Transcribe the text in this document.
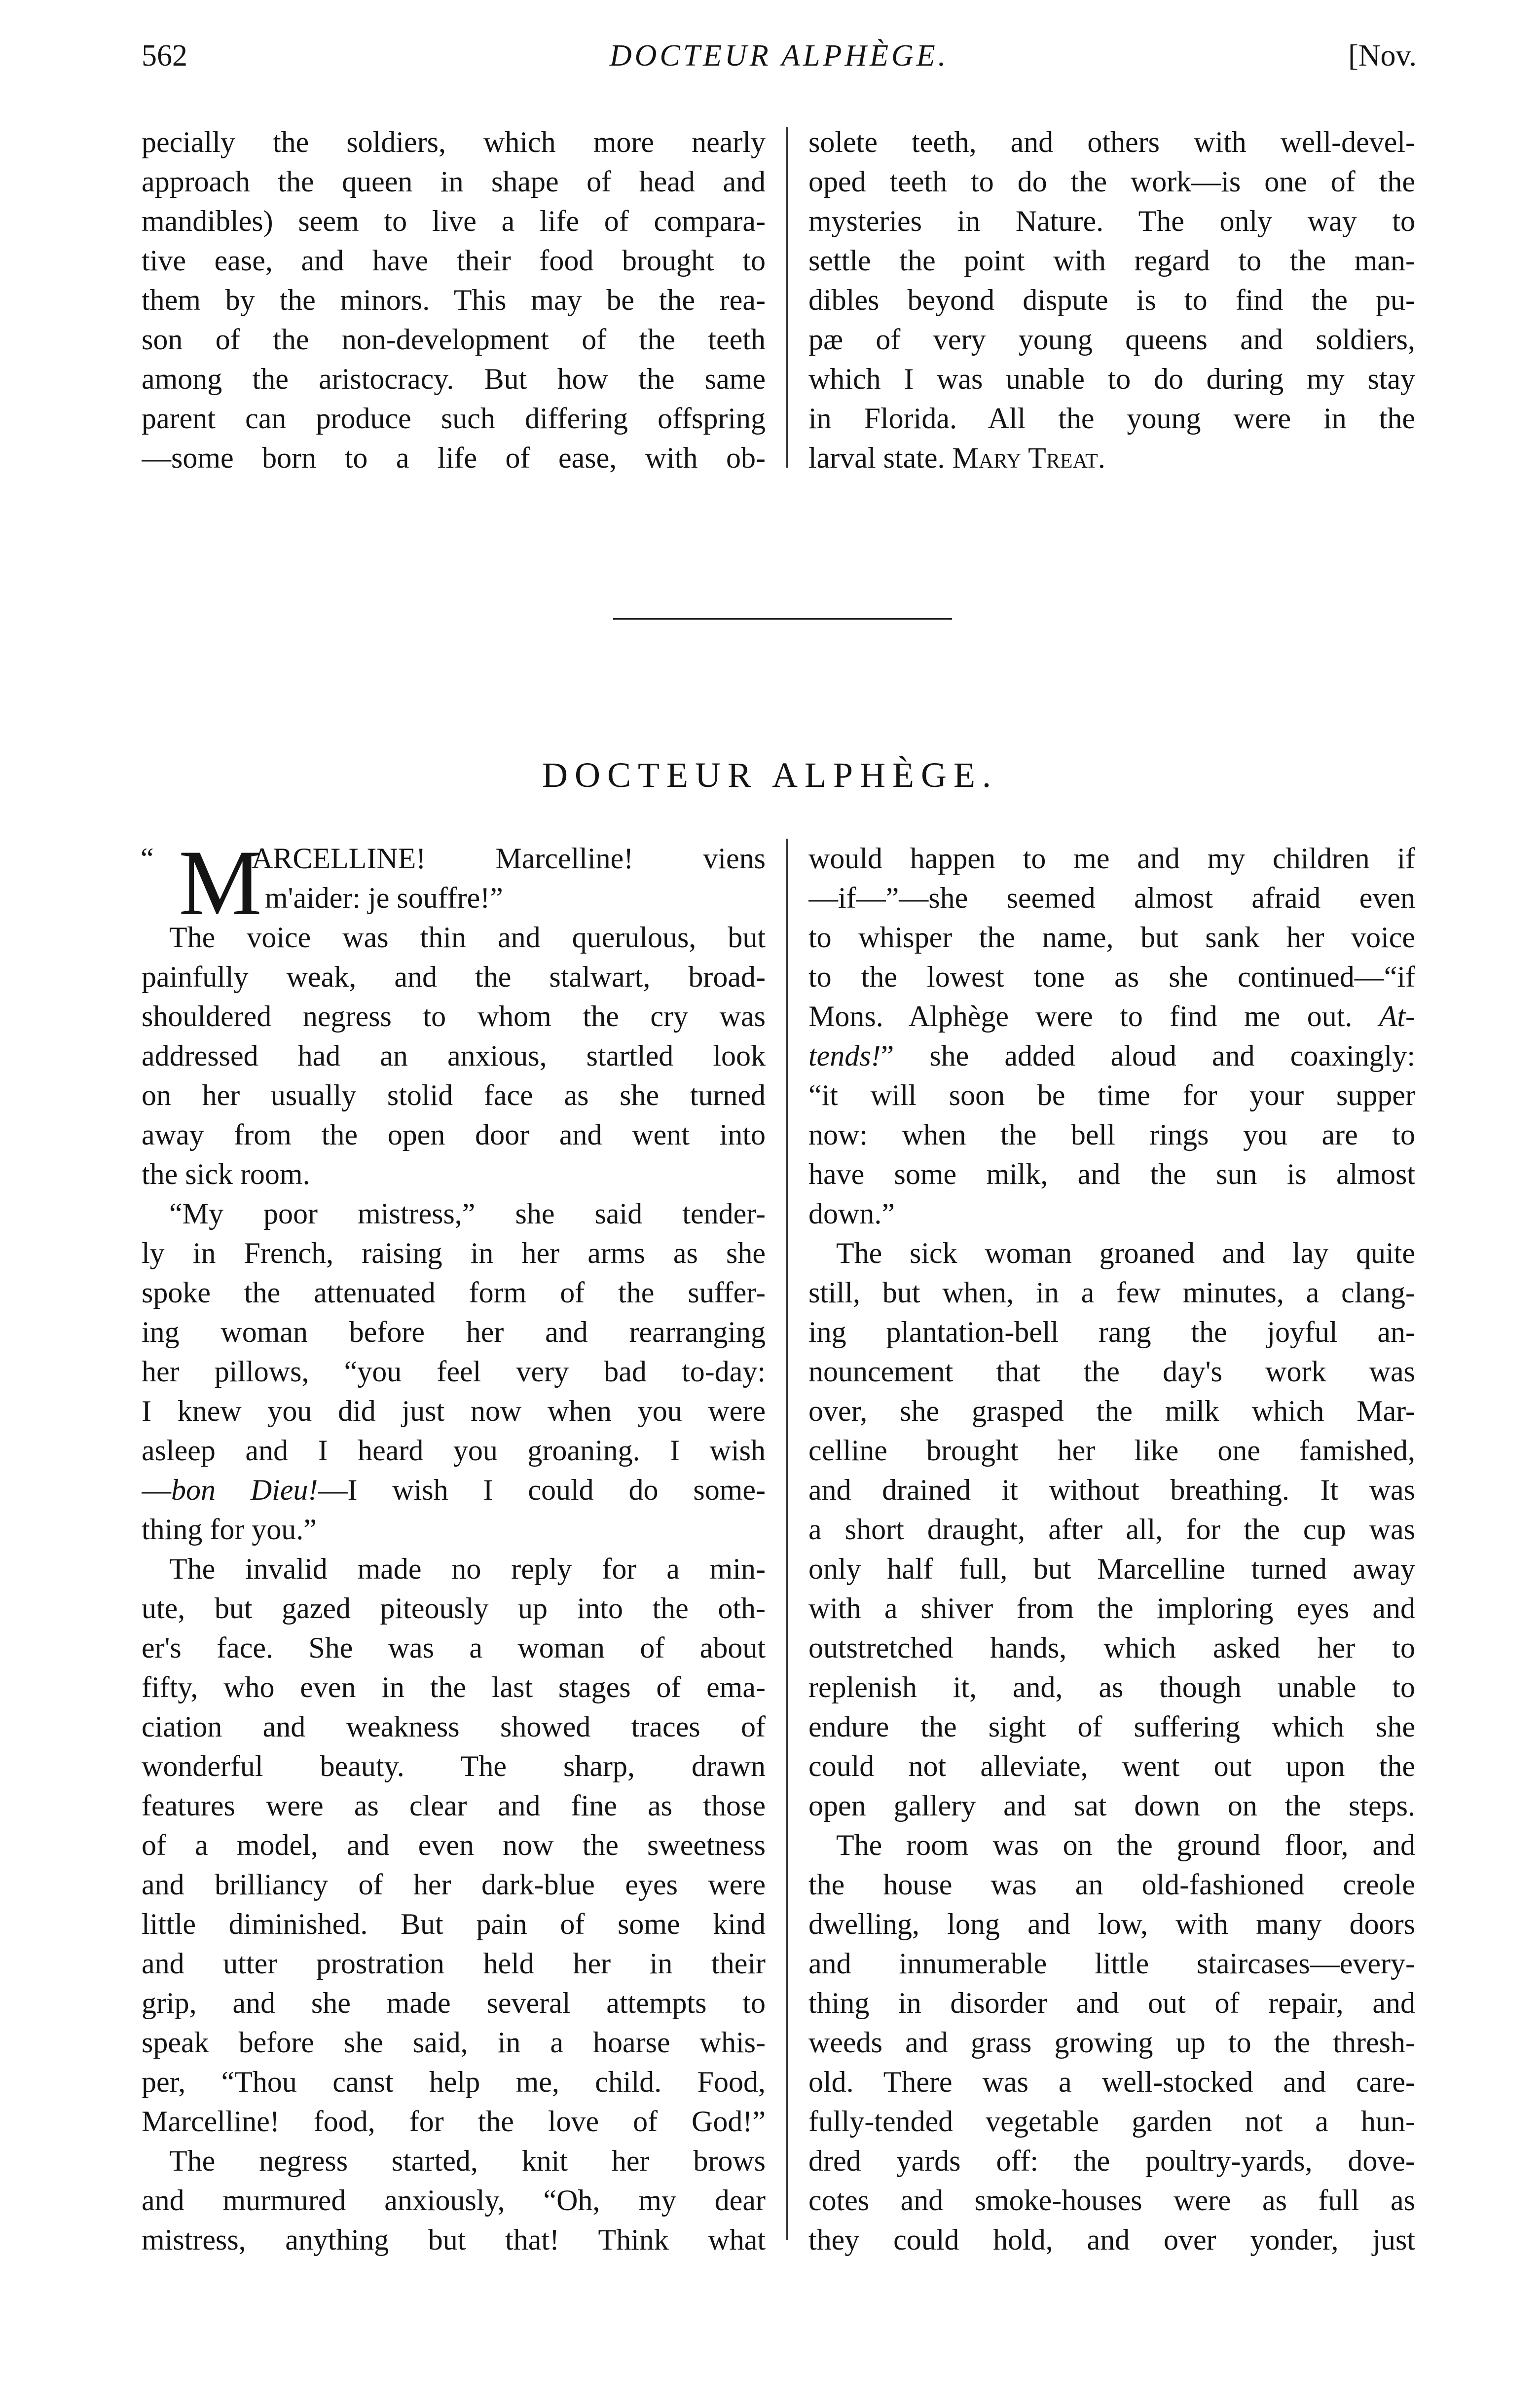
562	DOCTEUR ALPHÈGE.	[Nov.
pecially the soldiers, which more nearly
approach the queen in shape of head and
mandibles) seem to live a life of compara-
tive ease, and have their food brought to
them by the minors. This may be the rea-
son of the non-development of the teeth
among the aristocracy. But how the same
parent can produce such differing offspring
—some born to a life of ease, with ob-
solete teeth, and others with well-devel-
oped teeth to do the work—is one of the
mysteries in Nature. The only way to
settle the point with regard to the man-
dibles beyond dispute is to find the pu-
pæ of very young queens and soldiers,
which I was unable to do during my stay
in Florida. All the young were in the
larval state. Mary Treat.
DOCTEUR ALPHÈGE.
“ M
ARCELLINE! Marcelline! viens
m'aider: je souffre!”
The voice was thin and querulous, but
painfully weak, and the stalwart, broad-
shouldered negress to whom the cry was
addressed had an anxious, startled look
on her usually stolid face as she turned
away from the open door and went into
the sick room.
“My poor mistress,” she said tender-
ly in French, raising in her arms as she
spoke the attenuated form of the suffer-
ing woman before her and rearranging
her pillows, “you feel very bad to-day:
I knew you did just now when you were
asleep and I heard you groaning. I wish
—bon Dieu!—I wish I could do some-
thing for you.”
The invalid made no reply for a min-
ute, but gazed piteously up into the oth-
er's face. She was a woman of about
fifty, who even in the last stages of ema-
ciation and weakness showed traces of
wonderful beauty. The sharp, drawn
features were as clear and fine as those
of a model, and even now the sweetness
and brilliancy of her dark-blue eyes were
little diminished. But pain of some kind
and utter prostration held her in their
grip, and she made several attempts to
speak before she said, in a hoarse whis-
per, “Thou canst help me, child. Food,
Marcelline! food, for the love of God!”
The negress started, knit her brows
and murmured anxiously, “Oh, my dear
mistress, anything but that! Think what
would happen to me and my children if
—if—”—she seemed almost afraid even
to whisper the name, but sank her voice
to the lowest tone as she continued—“if
Mons. Alphège were to find me out. At-
tends!” she added aloud and coaxingly:
“it will soon be time for your supper
now: when the bell rings you are to
have some milk, and the sun is almost
down.”
The sick woman groaned and lay quite
still, but when, in a few minutes, a clang-
ing plantation-bell rang the joyful an-
nouncement that the day's work was
over, she grasped the milk which Mar-
celline brought her like one famished,
and drained it without breathing. It was
a short draught, after all, for the cup was
only half full, but Marcelline turned away
with a shiver from the imploring eyes and
outstretched hands, which asked her to
replenish it, and, as though unable to
endure the sight of suffering which she
could not alleviate, went out upon the
open gallery and sat down on the steps.
The room was on the ground floor, and
the house was an old-fashioned creole
dwelling, long and low, with many doors
and innumerable little staircases—every-
thing in disorder and out of repair, and
weeds and grass growing up to the thresh-
old. There was a well-stocked and care-
fully-tended vegetable garden not a hun-
dred yards off: the poultry-yards, dove-
cotes and smoke-houses were as full as
they could hold, and over yonder, just
